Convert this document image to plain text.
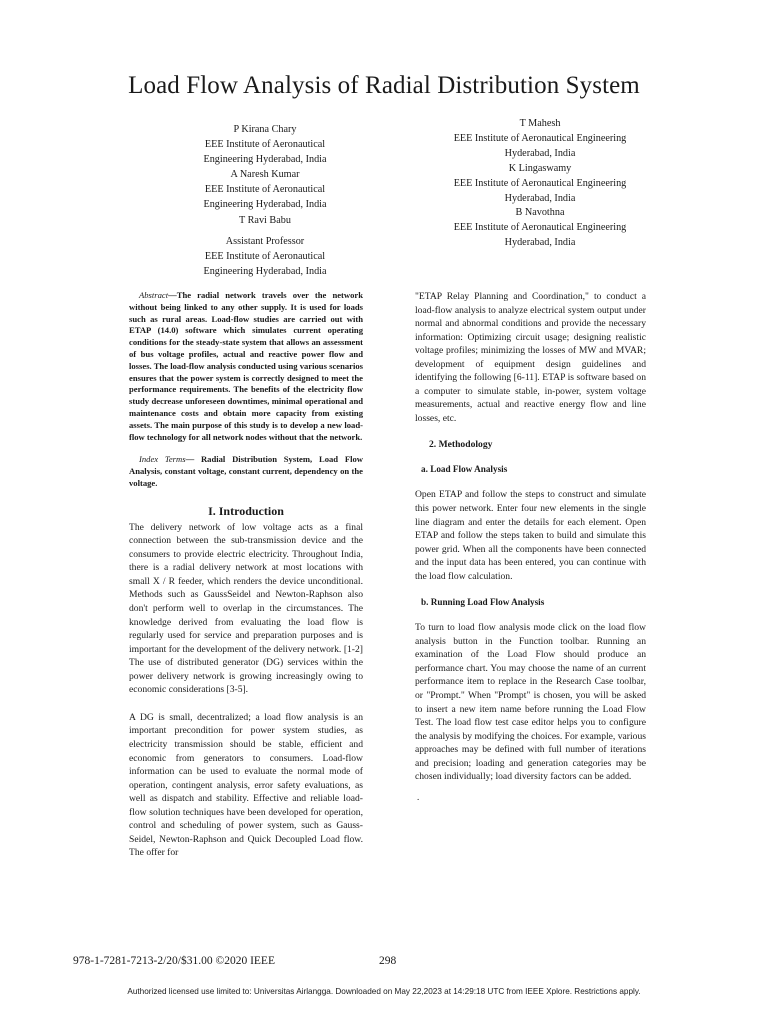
Load Flow Analysis of Radial Distribution System
P Kirana Chary
EEE Institute of Aeronautical
Engineering Hyderabad, India
A Naresh Kumar
EEE Institute of Aeronautical
Engineering Hyderabad, India
T Ravi Babu
Assistant Professor
EEE Institute of Aeronautical
Engineering Hyderabad, India
T Mahesh
EEE Institute of Aeronautical Engineering
Hyderabad, India
K Lingaswamy
EEE Institute of Aeronautical Engineering
Hyderabad, India
B Navothna
EEE Institute of Aeronautical Engineering
Hyderabad, India
Abstract—The radial network travels over the network without being linked to any other supply. It is used for loads such as rural areas. Load-flow studies are carried out with ETAP (14.0) software which simulates current operating conditions for the steady-state system that allows an assessment of bus voltage profiles, actual and reactive power flow and losses. The load-flow analysis conducted using various scenarios ensures that the power system is correctly designed to meet the performance requirements. The benefits of the electricity flow study decrease unforeseen downtimes, minimal operational and maintenance costs and obtain more capacity from existing assets. The main purpose of this study is to develop a new load-flow technology for all network nodes without that the network.
Index Terms— Radial Distribution System, Load Flow Analysis, constant voltage, constant current, dependency on the voltage.
I. Introduction

The delivery network of low voltage acts as a final connection between the sub-transmission device and the consumers to provide electric electricity. Throughout India, there is a radial delivery network at most locations with small X / R feeder, which renders the device unconditional. Methods such as GaussSeidel and Newton-Raphson also don't perform well to overlap in the circumstances. The knowledge derived from evaluating the load flow is regularly used for service and preparation purposes and is important for the development of the delivery network. [1-2] The use of distributed generator (DG) services within the power delivery network is growing increasingly owing to economic considerations [3-5].

A DG is small, decentralized; a load flow analysis is an important precondition for power system studies, as electricity transmission should be stable, efficient and economic from generators to consumers. Load-flow information can be used to evaluate the normal mode of operation, contingent analysis, error safety evaluations, as well as dispatch and stability. Effective and reliable load-flow solution techniques have been developed for operation, control and scheduling of power system, such as Gauss- Seidel, Newton-Raphson and Quick Decoupled Load flow. The offer for

"ETAP Relay Planning and Coordination," to conduct a load-flow analysis to analyze electrical system output under normal and abnormal conditions and provide the necessary information: Optimizing circuit usage; designing realistic voltage profiles; minimizing the losses of MW and MVAR; development of equipment design guidelines and identifying the following [6-11]. ETAP is software based on a computer to simulate stable, in-power, system voltage measurements, actual and reactive energy flow and line losses, etc.

2. Methodology
a. Load Flow Analysis

Open ETAP and follow the steps to construct and simulate this power network. Enter four new elements in the single line diagram and enter the details for each element. Open ETAP and follow the steps taken to build and simulate this power grid. When all the components have been connected and the input data has been entered, you can continue with the load flow calculation.

b. Running Load Flow Analysis

To turn to load flow analysis mode click on the load flow analysis button in the Function toolbar. Running an examination of the Load Flow should produce an performance chart. You may choose the name of an current performance item to replace in the Research Case toolbar, or "Prompt." When "Prompt" is chosen, you will be asked to insert a new item name before running the Load Flow Test. The load flow test case editor helps you to configure the analysis by modifying the choices. For example, various approaches may be defined with full number of iterations and precision; loading and generation categories may be chosen individually; load diversity factors can be added.

.
978-1-7281-7213-2/20/$31.00 ©2020 IEEE	298
Authorized licensed use limited to: Universitas Airlangga. Downloaded on May 22,2023 at 14:29:18 UTC from IEEE Xplore. Restrictions apply.
